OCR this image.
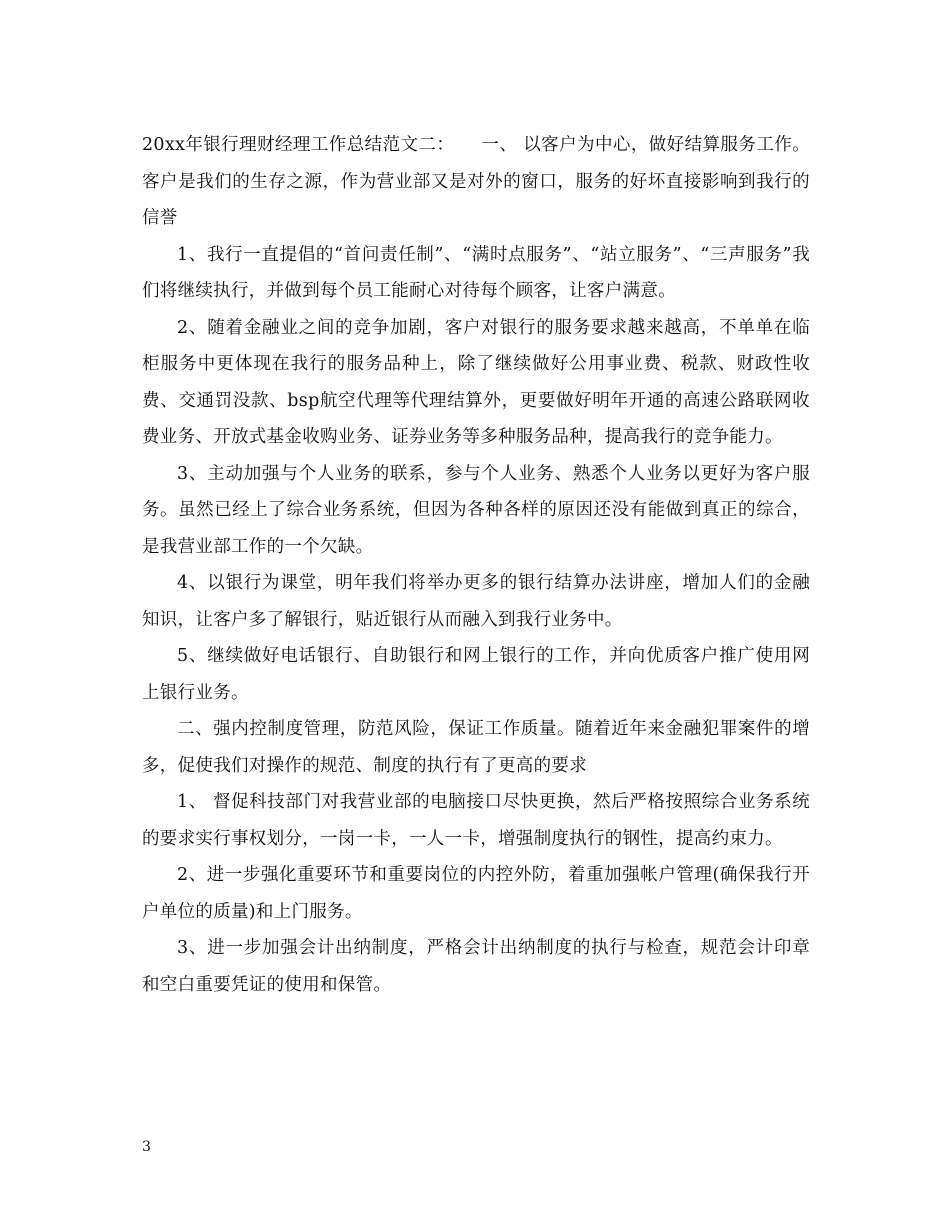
20xx年银行理财经理工作总结范文二：　　一、 以客户为中心，做好结算服务工作。客户是我们的生存之源，作为营业部又是对外的窗口，服务的好坏直接影响到我行的信誉

1、我行一直提倡的“首问责任制”、“满时点服务”、“站立服务”、“三声服务”我们将继续执行，并做到每个员工能耐心对待每个顾客，让客户满意。

2、随着金融业之间的竞争加剧，客户对银行的服务要求越来越高，不单单在临柜服务中更体现在我行的服务品种上，除了继续做好公用事业费、税款、财政性收费、交通罚没款、bsp航空代理等代理结算外，更要做好明年开通的高速公路联网收费业务、开放式基金收购业务、证券业务等多种服务品种，提高我行的竞争能力。

3、主动加强与个人业务的联系，参与个人业务、熟悉个人业务以更好为客户服务。虽然已经上了综合业务系统，但因为各种各样的原因还没有能做到真正的综合，是我营业部工作的一个欠缺。

4、以银行为课堂，明年我们将举办更多的银行结算办法讲座，增加人们的金融知识，让客户多了解银行，贴近银行从而融入到我行业务中。

5、继续做好电话银行、自助银行和网上银行的工作，并向优质客户推广使用网上银行业务。

二、强内控制度管理，防范风险，保证工作质量。随着近年来金融犯罪案件的增多，促使我们对操作的规范、制度的执行有了更高的要求

1、 督促科技部门对我营业部的电脑接口尽快更换，然后严格按照综合业务系统的要求实行事权划分，一岗一卡，一人一卡，增强制度执行的钢性，提高约束力。

2、进一步强化重要环节和重要岗位的内控外防，着重加强帐户管理(确保我行开户单位的质量)和上门服务。

3、进一步加强会计出纳制度，严格会计出纳制度的执行与检查，规范会计印章和空白重要凭证的使用和保管。

3
